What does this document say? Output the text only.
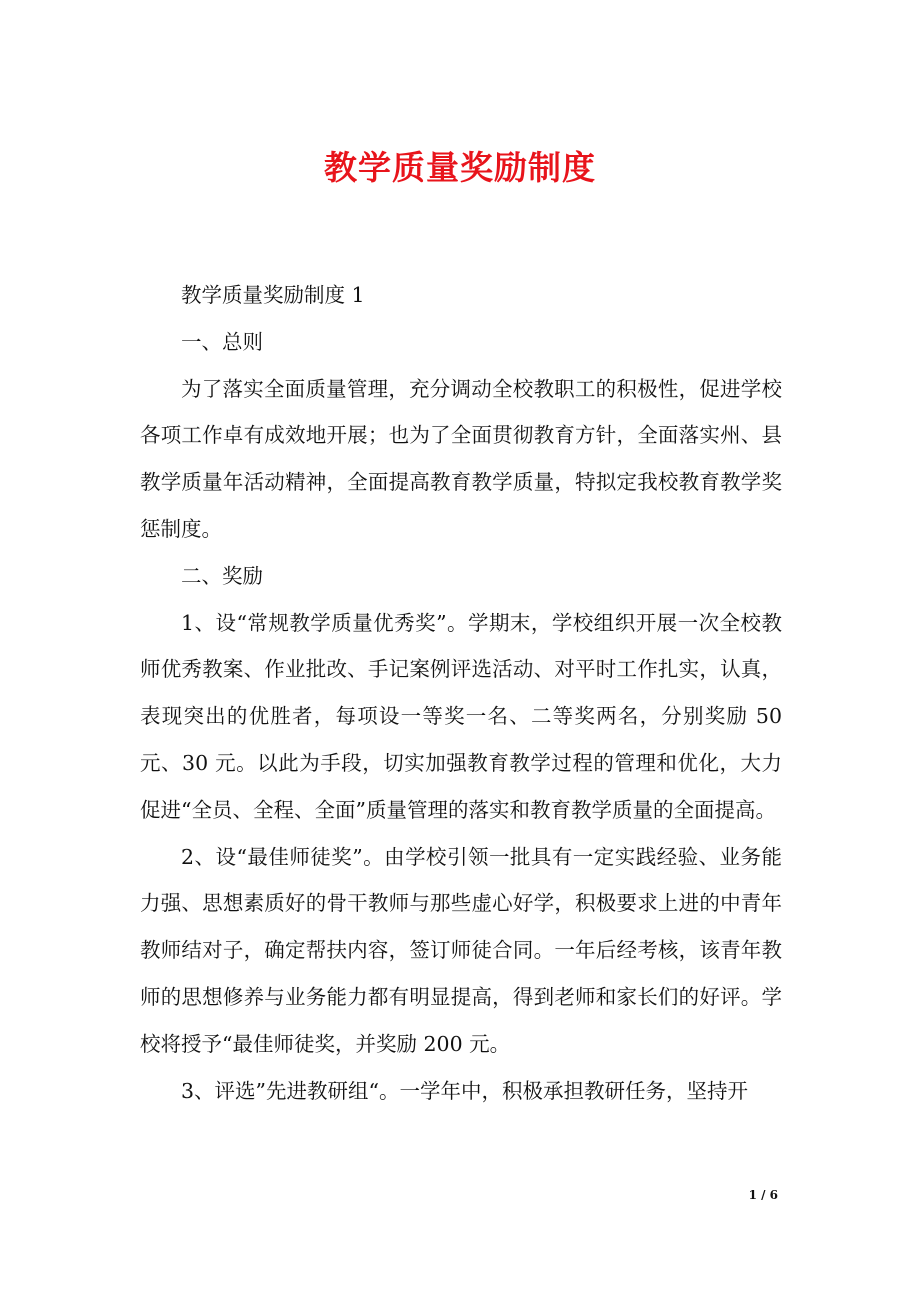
教学质量奖励制度

教学质量奖励制度 1

一、总则

为了落实全面质量管理，充分调动全校教职工的积极性，促进学校各项工作卓有成效地开展；也为了全面贯彻教育方针，全面落实州、县教学质量年活动精神，全面提高教育教学质量，特拟定我校教育教学奖惩制度。

二、奖励

1、设“常规教学质量优秀奖”。学期末，学校组织开展一次全校教师优秀教案、作业批改、手记案例评选活动、对平时工作扎实，认真，表现突出的优胜者，每项设一等奖一名、二等奖两名，分别奖励 50 元、30 元。以此为手段，切实加强教育教学过程的管理和优化，大力促进“全员、全程、全面”质量管理的落实和教育教学质量的全面提高。

2、设“最佳师徒奖”。由学校引领一批具有一定实践经验、业务能力强、思想素质好的骨干教师与那些虚心好学，积极要求上进的中青年教师结对子，确定帮扶内容，签订师徒合同。一年后经考核，该青年教师的思想修养与业务能力都有明显提高，得到老师和家长们的好评。学校将授予“最佳师徒奖，并奖励 200 元。

3、评选”先进教研组“。一学年中，积极承担教研任务，坚持开

1 / 6
